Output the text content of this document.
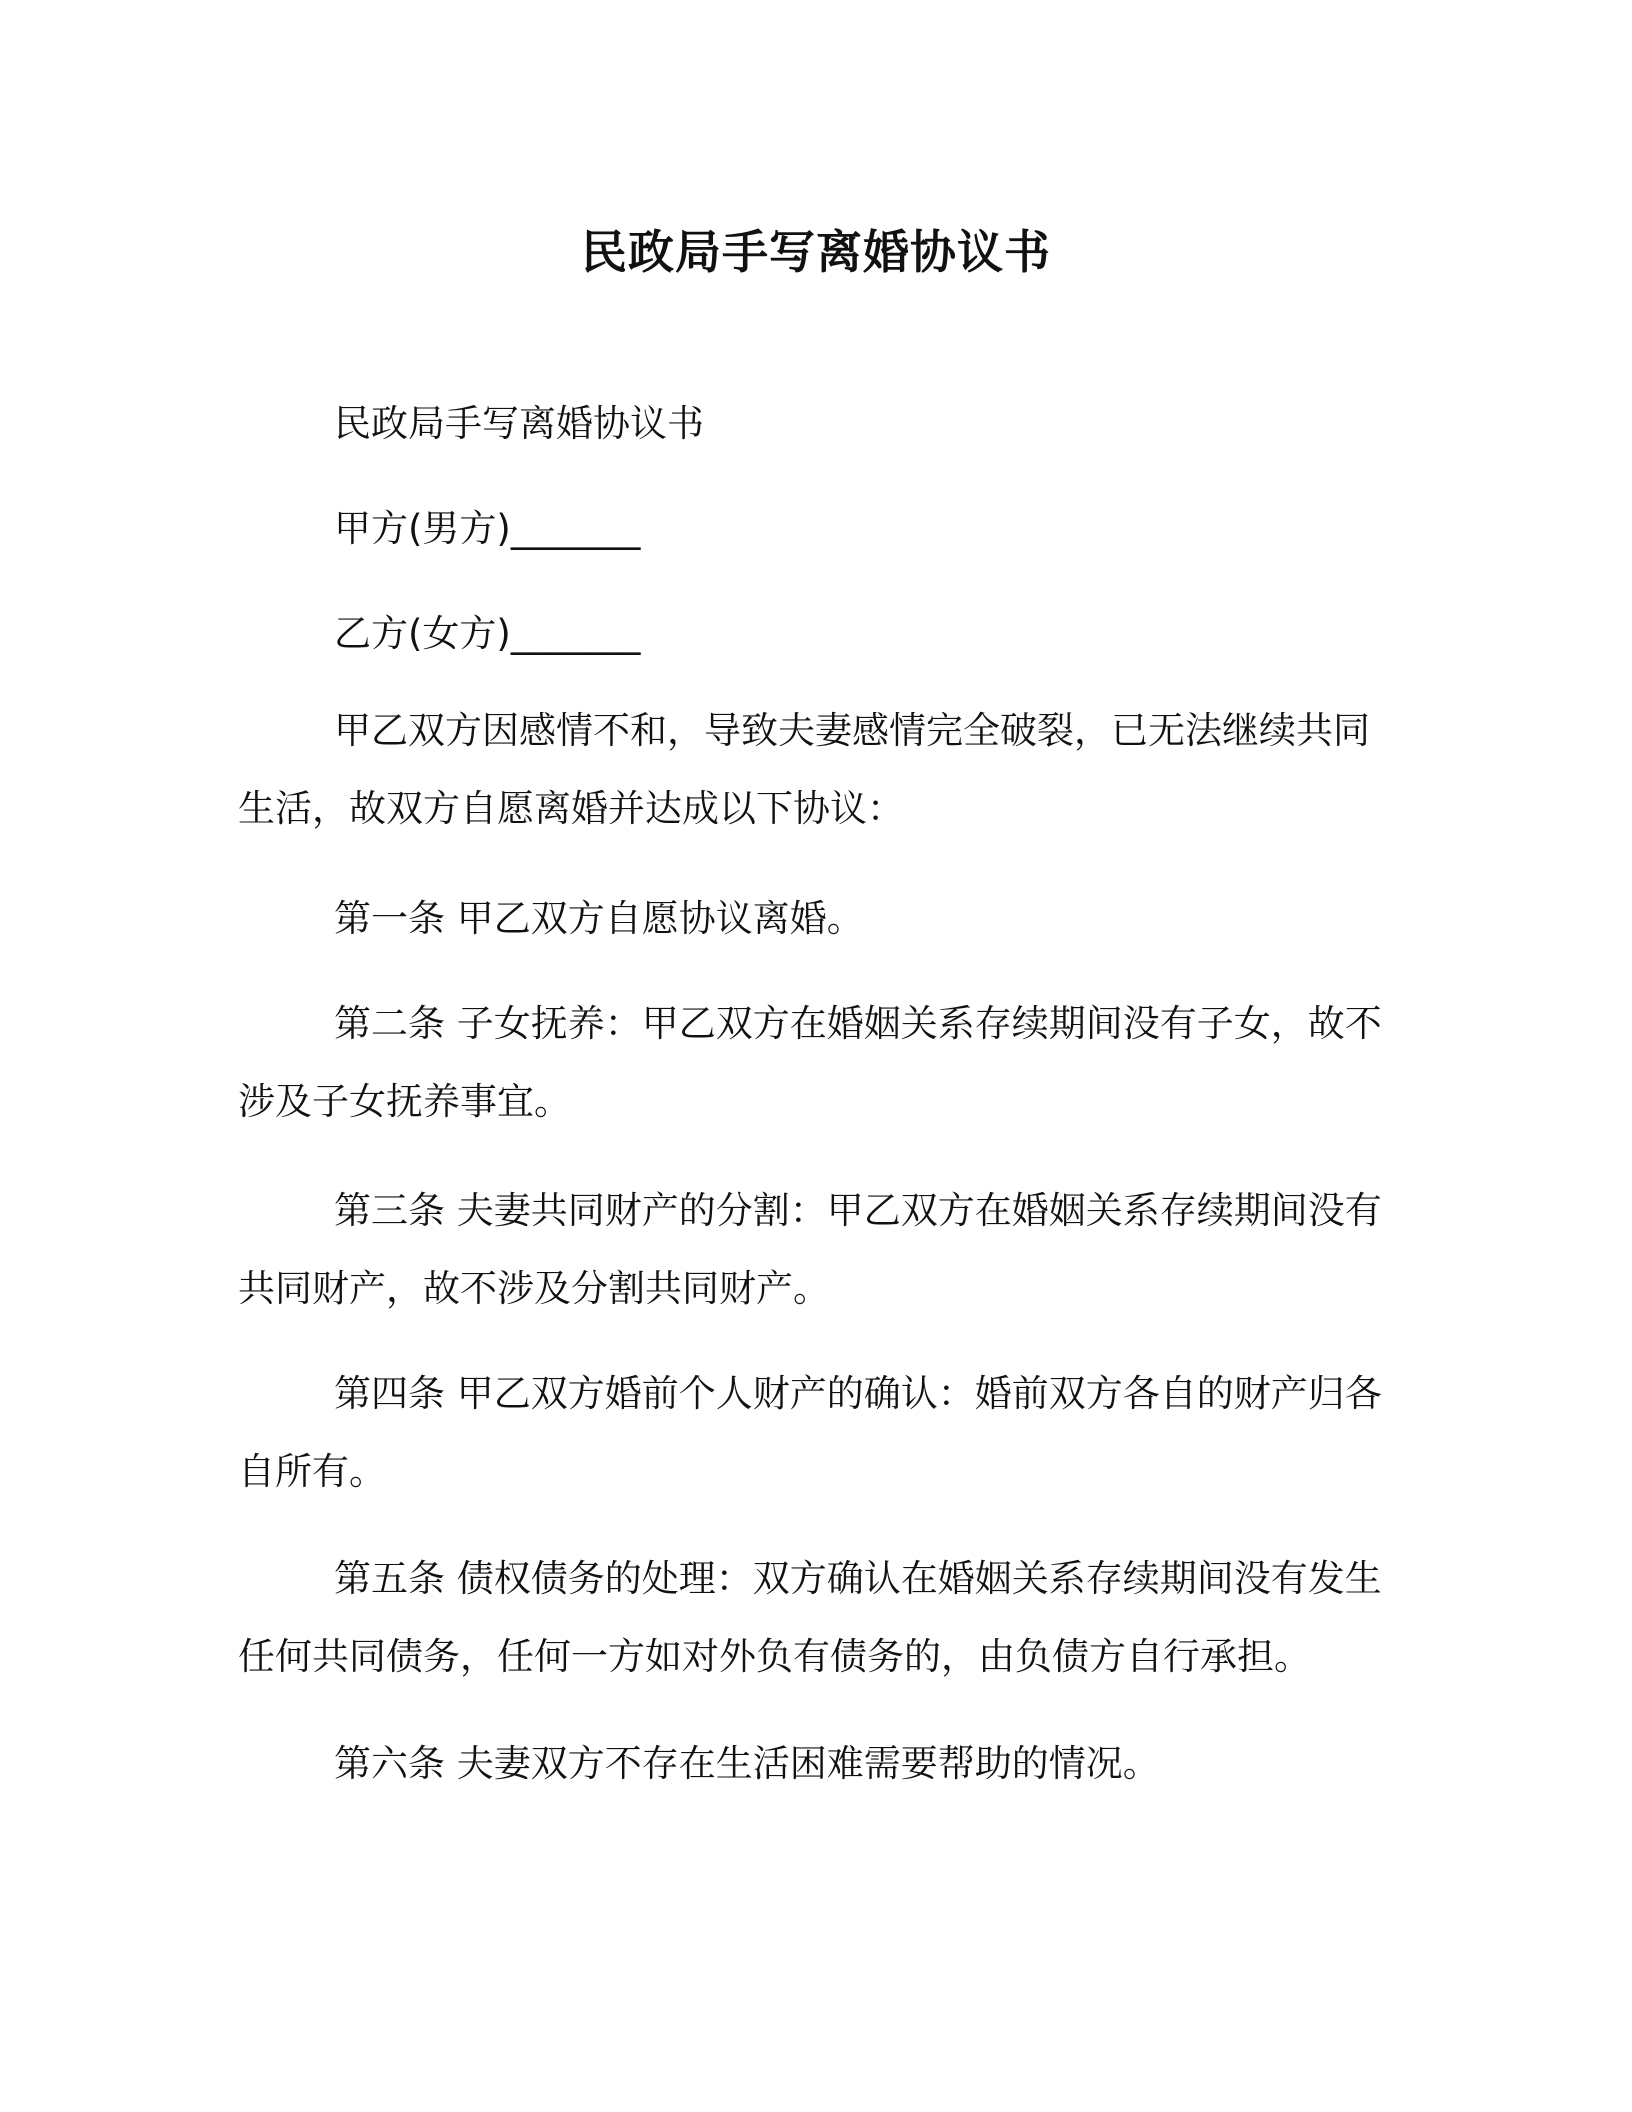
民政局手写离婚协议书

民政局手写离婚协议书

甲方(男方)_______

乙方(女方)_______

甲乙双方因感情不和，导致夫妻感情完全破裂，已无法继续共同生活，故双方自愿离婚并达成以下协议：

第一条 甲乙双方自愿协议离婚。

第二条 子女抚养：甲乙双方在婚姻关系存续期间没有子女，故不涉及子女抚养事宜。

第三条 夫妻共同财产的分割：甲乙双方在婚姻关系存续期间没有共同财产，故不涉及分割共同财产。

第四条 甲乙双方婚前个人财产的确认：婚前双方各自的财产归各自所有。

第五条 债权债务的处理：双方确认在婚姻关系存续期间没有发生任何共同债务，任何一方如对外负有债务的，由负债方自行承担。

第六条 夫妻双方不存在生活困难需要帮助的情况。
